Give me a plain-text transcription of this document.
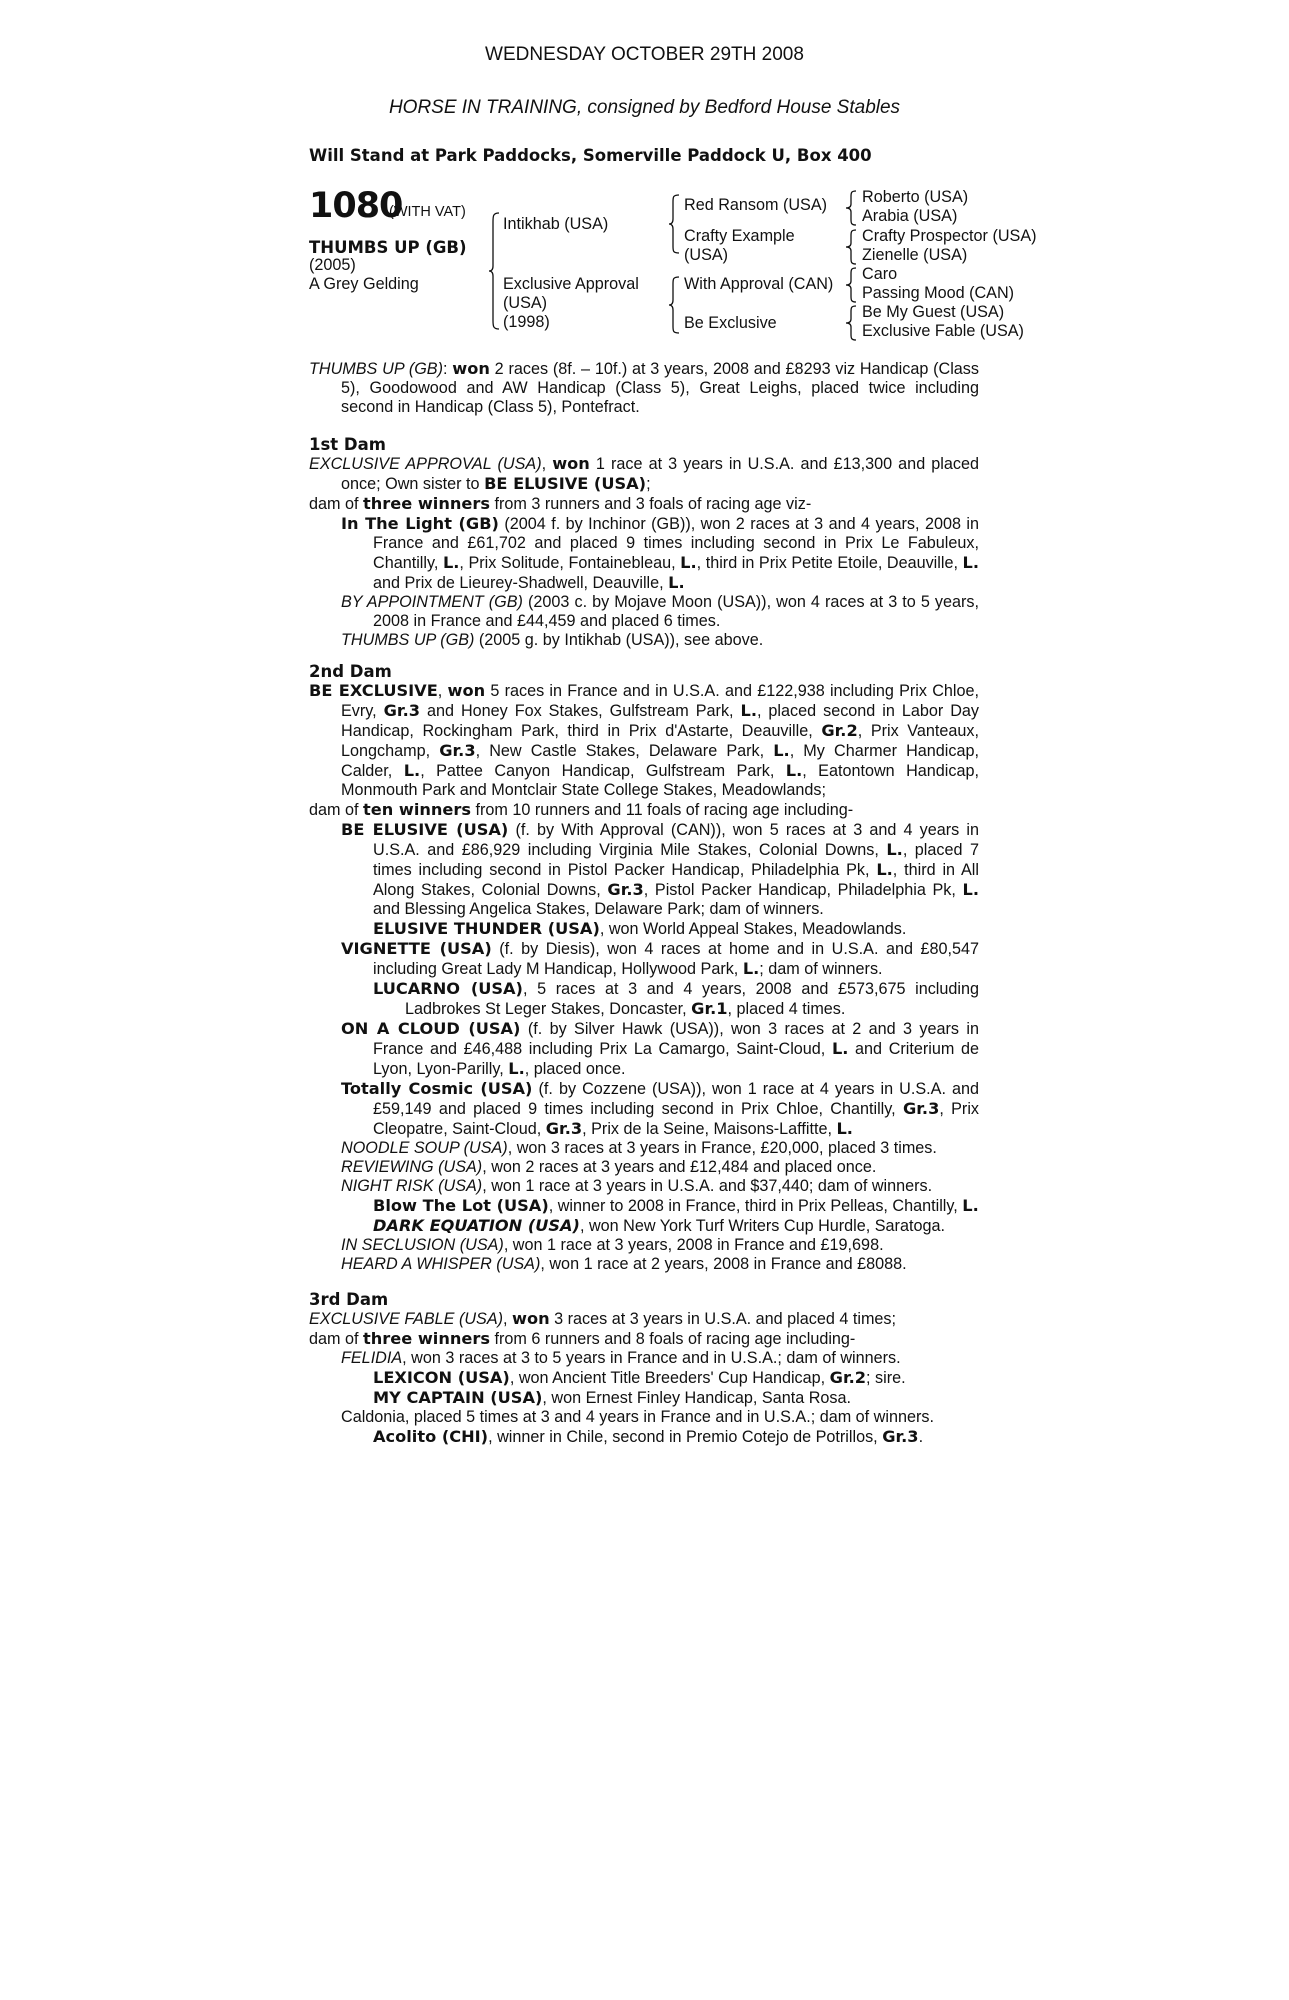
WEDNESDAY OCTOBER 29TH 2008
HORSE IN TRAINING, consigned by Bedford House Stables
Will Stand at Park Paddocks, Somerville Paddock U, Box 400
1080
(WITH VAT)
THUMBS UP (GB)
(2005)
A Grey Gelding
Intikhab (USA)
Exclusive Approval
(USA)
(1998)
Red Ransom (USA)
Crafty Example
(USA)
With Approval (CAN)
Be Exclusive
Roberto (USA)
Arabia (USA)
Crafty Prospector (USA)
Zienelle (USA)
Caro
Passing Mood (CAN)
Be My Guest (USA)
Exclusive Fable (USA)

THUMBS UP (GB): won 2 races (8f. – 10f.) at 3 years, 2008 and £8293 viz Handicap (Class 5), Goodowood and AW Handicap (Class 5), Great Leighs, placed twice including second in Handicap (Class 5), Pontefract.

1st Dam

EXCLUSIVE APPROVAL (USA), won 1 race at 3 years in U.S.A. and £13,300 and placed once; Own sister to BE ELUSIVE (USA);

dam of three winners from 3 runners and 3 foals of racing age viz-

In The Light (GB) (2004 f. by Inchinor (GB)), won 2 races at 3 and 4 years, 2008 in France and £61,702 and placed 9 times including second in Prix Le Fabuleux, Chantilly, L., Prix Solitude, Fontainebleau, L., third in Prix Petite Etoile, Deauville, L. and Prix de Lieurey-Shadwell, Deauville, L.

BY APPOINTMENT (GB) (2003 c. by Mojave Moon (USA)), won 4 races at 3 to 5 years, 2008 in France and £44,459 and placed 6 times.

THUMBS UP (GB) (2005 g. by Intikhab (USA)), see above.

2nd Dam

BE EXCLUSIVE, won 5 races in France and in U.S.A. and £122,938 including Prix Chloe, Evry, Gr.3 and Honey Fox Stakes, Gulfstream Park, L., placed second in Labor Day Handicap, Rockingham Park, third in Prix d'Astarte, Deauville, Gr.2, Prix Vanteaux, Longchamp, Gr.3, New Castle Stakes, Delaware Park, L., My Charmer Handicap, Calder, L., Pattee Canyon Handicap, Gulfstream Park, L., Eatontown Handicap, Monmouth Park and Montclair State College Stakes, Meadowlands;

dam of ten winners from 10 runners and 11 foals of racing age including-

BE ELUSIVE (USA) (f. by With Approval (CAN)), won 5 races at 3 and 4 years in U.S.A. and £86,929 including Virginia Mile Stakes, Colonial Downs, L., placed 7 times including second in Pistol Packer Handicap, Philadelphia Pk, L., third in All Along Stakes, Colonial Downs, Gr.3, Pistol Packer Handicap, Philadelphia Pk, L. and Blessing Angelica Stakes, Delaware Park; dam of winners.

ELUSIVE THUNDER (USA), won World Appeal Stakes, Meadowlands.

VIGNETTE (USA) (f. by Diesis), won 4 races at home and in U.S.A. and £80,547 including Great Lady M Handicap, Hollywood Park, L.; dam of winners.

LUCARNO (USA), 5 races at 3 and 4 years, 2008 and £573,675 including Ladbrokes St Leger Stakes, Doncaster, Gr.1, placed 4 times.

ON A CLOUD (USA) (f. by Silver Hawk (USA)), won 3 races at 2 and 3 years in France and £46,488 including Prix La Camargo, Saint-Cloud, L. and Criterium de Lyon, Lyon-Parilly, L., placed once.

Totally Cosmic (USA) (f. by Cozzene (USA)), won 1 race at 4 years in U.S.A. and £59,149 and placed 9 times including second in Prix Chloe, Chantilly, Gr.3, Prix Cleopatre, Saint-Cloud, Gr.3, Prix de la Seine, Maisons-Laffitte, L.

NOODLE SOUP (USA), won 3 races at 3 years in France, £20,000, placed 3 times.

REVIEWING (USA), won 2 races at 3 years and £12,484 and placed once.

NIGHT RISK (USA), won 1 race at 3 years in U.S.A. and $37,440; dam of winners.

Blow The Lot (USA), winner to 2008 in France, third in Prix Pelleas, Chantilly, L.

DARK EQUATION (USA), won New York Turf Writers Cup Hurdle, Saratoga.

IN SECLUSION (USA), won 1 race at 3 years, 2008 in France and £19,698.

HEARD A WHISPER (USA), won 1 race at 2 years, 2008 in France and £8088.

3rd Dam

EXCLUSIVE FABLE (USA), won 3 races at 3 years in U.S.A. and placed 4 times;

dam of three winners from 6 runners and 8 foals of racing age including-

FELIDIA, won 3 races at 3 to 5 years in France and in U.S.A.; dam of winners.

LEXICON (USA), won Ancient Title Breeders' Cup Handicap, Gr.2; sire.

MY CAPTAIN (USA), won Ernest Finley Handicap, Santa Rosa.

Caldonia, placed 5 times at 3 and 4 years in France and in U.S.A.; dam of winners.

Acolito (CHI), winner in Chile, second in Premio Cotejo de Potrillos, Gr.3.
